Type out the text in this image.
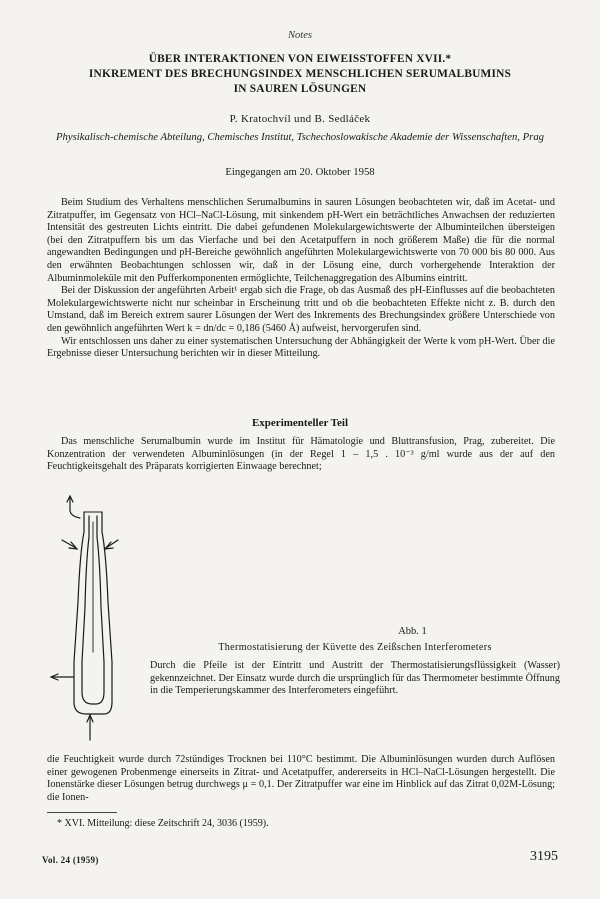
Notes
ÜBER INTERAKTIONEN VON EIWEISSTOFFEN XVII.*
INKREMENT DES BRECHUNGSINDEX MENSCHLICHEN SERUMALBUMINS
IN SAUREN LÖSUNGEN
P. Kratochvíl und B. Sedláček
Physikalisch-chemische Abteilung, Chemisches Institut, Tschechoslowakische Akademie der Wissenschaften, Prag
Eingegangen am 20. Oktober 1958

Beim Studium des Verhaltens menschlichen Serumalbumins in sauren Lösungen beobachteten wir, daß im Acetat- und Zitratpuffer, im Gegensatz von HCl–NaCl-Lösung, mit sinkendem pH-Wert ein beträchtliches Anwachsen der reduzierten Intensität des gestreuten Lichts eintritt. Die dabei gefundenen Molekulargewichtswerte der Albuminteilchen übersteigen (bei den Zitratpuffern bis um das Vierfache und bei den Acetatpuffern in noch größerem Maße) die für die normal angewandten Bedingungen und pH-Bereiche gewöhnlich angeführten Molekulargewichtswerte von 70 000 bis 80 000. Aus den erwähnten Beobachtungen schlossen wir, daß in der Lösung eine, durch vorhergehende Interaktion der Albuminmoleküle mit den Pufferkomponenten ermöglichte, Teilchenaggregation des Albumins eintritt.

Bei der Diskussion der angeführten Arbeit¹ ergab sich die Frage, ob das Ausmaß des pH-Einflusses auf die beobachteten Molekulargewichtswerte nicht nur scheinbar in Erscheinung tritt und ob die beobachteten Effekte nicht z. B. durch den Umstand, daß im Bereich extrem saurer Lösungen der Wert des Inkrements des Brechungsindex größere Unterschiede von den gewöhnlich angeführten Wert k = dn/dc = 0,186 (5460 Å) aufweist, hervorgerufen sind.

Wir entschlossen uns daher zu einer systematischen Untersuchung der Abhängigkeit der Werte k vom pH-Wert. Über die Ergebnisse dieser Untersuchung berichten wir in dieser Mitteilung.

Experimenteller Teil

Das menschliche Serumalbumin wurde im Institut für Hämatologie und Bluttransfusion, Prag, zubereitet. Die Konzentration der verwendeten Albuminlösungen (in der Regel 1 – 1,5 . 10⁻³ g/ml wurde aus der auf den Feuchtigkeitsgehalt des Präparats korrigierten Einwaage berechnet;

Abb. 1
Thermostatisierung der Küvette des Zeißschen Interferometers
Durch die Pfeile ist der Eintritt und Austritt der Thermostatisierungsflüssigkeit (Wasser) gekennzeichnet. Der Einsatz wurde durch die ursprünglich für das Thermometer bestimmte Öffnung in die Temperierungskammer des Interferometers eingeführt.

die Feuchtigkeit wurde durch 72stündiges Trocknen bei 110°C bestimmt. Die Albuminlösungen wurden durch Auflösen einer gewogenen Probenmenge einerseits in Zitrat- und Acetatpuffer, andererseits in HCl–NaCl-Lösungen hergestellt. Die Ionenstärke dieser Lösungen betrug durchwegs μ = 0,1. Der Zitratpuffer war eine im Hinblick auf das Zitrat 0,02M-Lösung; die Ionen-

* XVI. Mitteilung: diese Zeitschrift 24, 3036 (1959).
Vol. 24 (1959)	3195
